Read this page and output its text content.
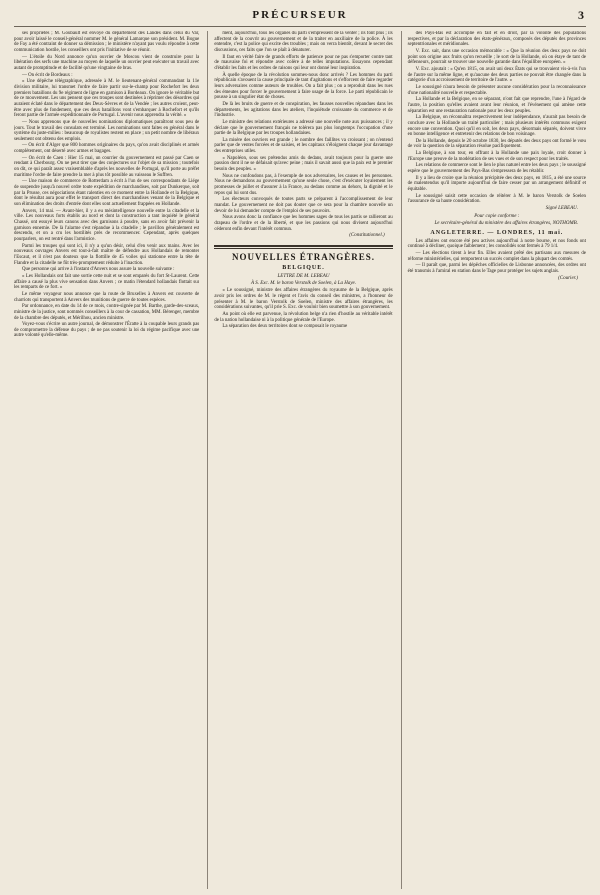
PRÉCURSEUR	3

ses propriétés ; M. Goubault est envoyé du département des Landes dans celui du Var, pour avoir laissé le conseil-général nommer M. le général Lamarque son président. M. Bogue de Fay a été contraint de donner sa démission ; le ministère n'ayant pas voulu répondre à cette communication hostile, les conseillers ont pris l'initiative de se réunir.

— L'étoile du Nord annonce qu'un ouvrier de Moscou vient de construire pour la libération des serfs une machine au moyen de laquelle un ouvrier peut exécuter un travail avec autant de promptitude et de facilité qu'une vingtaine de bras.

— On écrit de Bordeaux :

« Une dépêche télégraphique, adressée à M. le lieutenant-général commandant la 11e division militaire, lui transmet l'ordre de faire partir sur-le-champ pour Rochefort les deux premiers bataillons du 9e régiment de ligne en garnison à Bordeaux. On ignore le véritable but de ce mouvement. Les uns pensent que ces troupes sont destinées à réprimer des désordres qui auraient éclaté dans le département des Deux-Sèvres et de la Vendée ; les autres croient, peut-être avec plus de fondement, que ces deux bataillons vont s'embarquer à Rochefort et qu'ils feront partie de l'armée expéditionnaire de Portugal. L'avenir nous apprendra la vérité. »

— Nous apprenons que de nouvelles nominations diplomatiques paraîtront sous peu de jours. Tout le travail des consulats est terminé. Les nominations sont faites en général dans le système du juste-milieu : beaucoup de royalistes restent en place ; un petit nombre de libéraux seulement ont obtenu des emplois.

— On écrit d'Alger que 800 hommes originaires du pays, qu'on avait disciplinés et armés complètement, ont déserté avec armes et bagages.

— On écrit de Caen : Hier 15 mai, un courrier du gouvernement est passé par Caen se rendant à Cherbourg. On ne peut tirer que des conjectures sur l'objet de sa mission ; toutefois on dit, ce qui paraît assez vraisemblable d'après les nouvelles de Portugal, qu'il porte au préfet maritime l'ordre de faire prendre la mer à plus tôt possible au vaisseau le Suffren.

— Une maison de commerce de Rotterdam a écrit à l'un de ses correspondants de Liége de suspendre jusqu'à nouvel ordre toute expédition de marchandises, soit par Dunkerque, soit par la Prusse, ces négociations étant ralenties en ce moment entre la Hollande et la Belgique, dont le résultat aura pour effet le transport direct des marchandises venant de la Belgique et son élimination des droits d'entrée dont elles sont actuellement frappées en Hollande.

Anvers, 14 mai. — Avant-hier, il y a eu mésintelligence nouvelle entre la citadelle et la ville. Les nouveaux forts établis au nord et dont la construction a tant inquiété le général Chassé, ont essuyé leurs canons avec des garnisons à poudre, sans en avoir fait prévenir la garnison ennemie. De là l'alarme s'est répandue à la citadelle ; le pavillon généralement est descendu, et on a cru les hostilités près de recommencer. Cependant, après quelques pourparlers, on est rentré dans l'armistice.

Parmi les troupes qui sont ici, il n'y a qu'un désir, celui d'en venir aux mains. Avec les nouveaux ouvrages Anvers est tout-à-fait maître de défendre aux Hollandais de remonter l'Escaut, et il n'est pas douteux que la flottille de 45 voiles qui stationne entre la tête de Flandre et la citadelle ne fût très-promptement réduite à l'inaction.

Que personne qui arrive à l'instant d'Anvers nous assure la nouvelle suivante :

« Les Hollandais ont fait une sortie cette nuit et se sont emparés du fort St-Laurent. Cette affaire a causé la plus vive sensation dans Anvers ; ce matin l'étendard hollandais flottait sur les remparts de ce fort. »

Le même voyageur nous annonce que la route de Bruxelles à Anvers est couverte de charriots qui transportent à Anvers des munitions de guerre de toutes espèces.

Par ordonnance, en date du 14 de ce mois, contre-signée par M. Barthe, garde-des-sceaux, ministre de la justice, sont nommés conseillers à la cour de cassation, MM. Bérenger, membre de la chambre des députés, et Mérilhou, ancien ministre.

Voyez-vous s'écrire un autre journal, de démonstrer l'Ératte à la coupable leurs grands pas de compromettre la défense du pays ; de ne pas soutenir la loi du régime pacifique avec une autre volonté qu'elle-même.

ment, aujourd'hui, tous les organes du parti s'empressent de la venter ; ils font plus ; ils affectent de la couvrir au gouvernement et de la traiter en auxiliaire de la police. À les entendre, c'est la police qui excite des troubles ; mais on verra bientôt, devant le secret des discussions, ces faits que l'on se plaît à dénaturer.

Il faut en vérité faire de grands efforts de patience pour ne pas s'emporter contre tant de mauvaise foi et répondre avec colère à de telles imputations. Essayons cependant d'établir les faits et les ordres de raisons qui leur ont donné leur inspiration.

À quelle époque de la révolution sommes-nous donc arrivés ? Les hommes du parti républicain s'avouent la cause principale de tant d'agitations et s'efforcent de faire regarder leurs adversaires comme auteurs de troubles. On a fait plus ; on a reproduit dans les rues des émeutes pour forcer le gouvernement à faire usage de la force. Le parti républicain le pousse à un singulier état de choses.

De là les bruits de guerre et de conspiration, les fausses nouvelles répandues dans les départements, les agitations dans les ateliers, l'inquiétude croissante du commerce et de l'industrie.

Le ministre des relations extérieures a adressé une nouvelle note aux puissances ; il y déclare que le gouvernement français ne tolérera pas plus longtemps l'occupation d'une partie de la Belgique par les troupes hollandaises.

La misère des ouvriers est grande ; le nombre des faillites va croissant ; on n'entend parler que de ventes forcées et de saisies, et les capitaux s'éloignent chaque jour davantage des entreprises utiles.

« Napoléon, sous ses prétendus amis du dedans, avait toujours pour la guerre une passion dont il ne se défaisait qu'avec peine ; mais il savait aussi que la paix est le premier besoin des peuples. »

Nous ne confondons pas, à l'exemple de nos adversaires, les causes et les personnes. Nous ne demandons au gouvernement qu'une seule chose, c'est d'exécuter loyalement les promesses de juillet et d'assurer à la France, au dedans comme au dehors, la dignité et le repos qui lui sont dus.

Les électeurs convoqués de toutes parts se préparent à l'accomplissement de leur mandat. Le gouvernement ne doit pas douter que ce sera pour la chambre nouvelle un devoir de lui demander compte de l'emploi de ses pouvoirs.

Nous avons donc la confiance que les hommes sages de tous les partis se rallieront au drapeau de l'ordre et de la liberté, et que les passions qui nous divisent aujourd'hui céderont enfin devant l'intérêt commun.

(Constitutionnel.)
NOUVELLES ÉTRANGÈRES.
BELGIQUE.
LETTRE DE M. LEBEAU
À S. Exc. M. le baron Verstolk de Soelen, à La Haye.

« Le soussigné, ministre des affaires étrangères du royaume de la Belgique, après avoir pris les ordres de M. le régent et l'avis du conseil des ministres, a l'honneur de présenter à M. le baron Verstolk de Soelen, ministre des affaires étrangères, les considérations suivantes, qu'il prie S. Exc. de vouloir bien soumettre à son gouvernement.

Au point où elle est parvenue, la révolution belge n'a rien d'hostile au véritable intérêt de la nation hollandaise ni à la politique générale de l'Europe.

La séparation des deux territoires dont se composait le royaume

des Pays-Bas est accomplie en fait et en droit, par la volonté des populations respectives, et par la déclaration des états-généraux, composés des députés des provinces septentrionales et méridionales.

V. Exc. sait, dans une occasion mémorable : « Que la réunion des deux pays ne doit point son origine aux fruits qu'on recueille ; le sort de la Hollande, où on étaye de tant de défenseurs, pourrait se trouver une nouvelle garantie dans l'équilibre européen. »

V. Exc. ajoutait : « Qu'en 1815, on avait uni deux États qui se trouvaient vis-à-vis l'un de l'autre sur la même ligne, et qu'aucune des deux parties ne pouvait être changée dans la catégorie d'un accroissement de territoire de l'autre. »

Le soussigné n'aura besoin de présenter aucune considération pour la reconnaissance d'une nationalité nouvelle et respectable.

La Hollande et la Belgique, en se séparant, n'ont fait que reprendre, l'une à l'égard de l'autre, la position qu'elles avaient avant leur réunion, et l'événement qui amène cette séparation est une restauration nationale pour les deux peuples.

La Belgique, on réconnaîtra respectivement leur indépendance, n'aurait pas besoin de conclure avec la Hollande un traité particulier ; mais plusieurs intérêts communs exigent encore une convention. Quoi qu'il en soit, les deux pays, désormais séparés, doivent vivre en bonne intelligence et entretenir des relations de bon voisinage.

De la Hollande, depuis le 20 octobre 1830, les députés des deux pays ont formé le vœu de voir la question de la séparation résolue pacifiquement.

La Belgique, à son tour, en offrant à la Hollande une paix loyale, croit donner à l'Europe une preuve de la modération de ses vues et de son respect pour les traités.

Les relations de commerce sont le lien le plus naturel entre les deux pays ; le soussigné espère que le gouvernement des Pays-Bas s'empressera de les rétablir.

Il y a lieu de croire que la réunion précipitée des deux pays, en 1815, a été une source de malentendus qu'il importe aujourd'hui de faire cesser par un arrangement définitif et équitable.

Le soussigné saisit cette occasion de réitérer à M. le baron Verstolk de Soelen l'assurance de sa haute considération.

Signé LEBEAU.
Pour copie conforme :
Le secrétaire-général du ministère des affaires étrangères, NOTHOMB.
ANGLETERRE. — LONDRES, 11 mai.

Les affaires ont encore été peu actives aujourd'hui à notre bourse, et nos fonds ont continué à décliner, quoique faiblement ; les consolidés sont fermés à 79 1/4.

— Les élections tirent à leur fin. Elles avaient prêté des partisans aux mesures de réforme ministérielles, qui remportent un succès complet dans la plupart des comtés.

— Il paraît que, parmi les dépêches officielles de Lisbonne annoncées, des ordres ont été transmis à l'amiral en station dans le Tage pour protéger les sujets anglais.

(Courier.)
